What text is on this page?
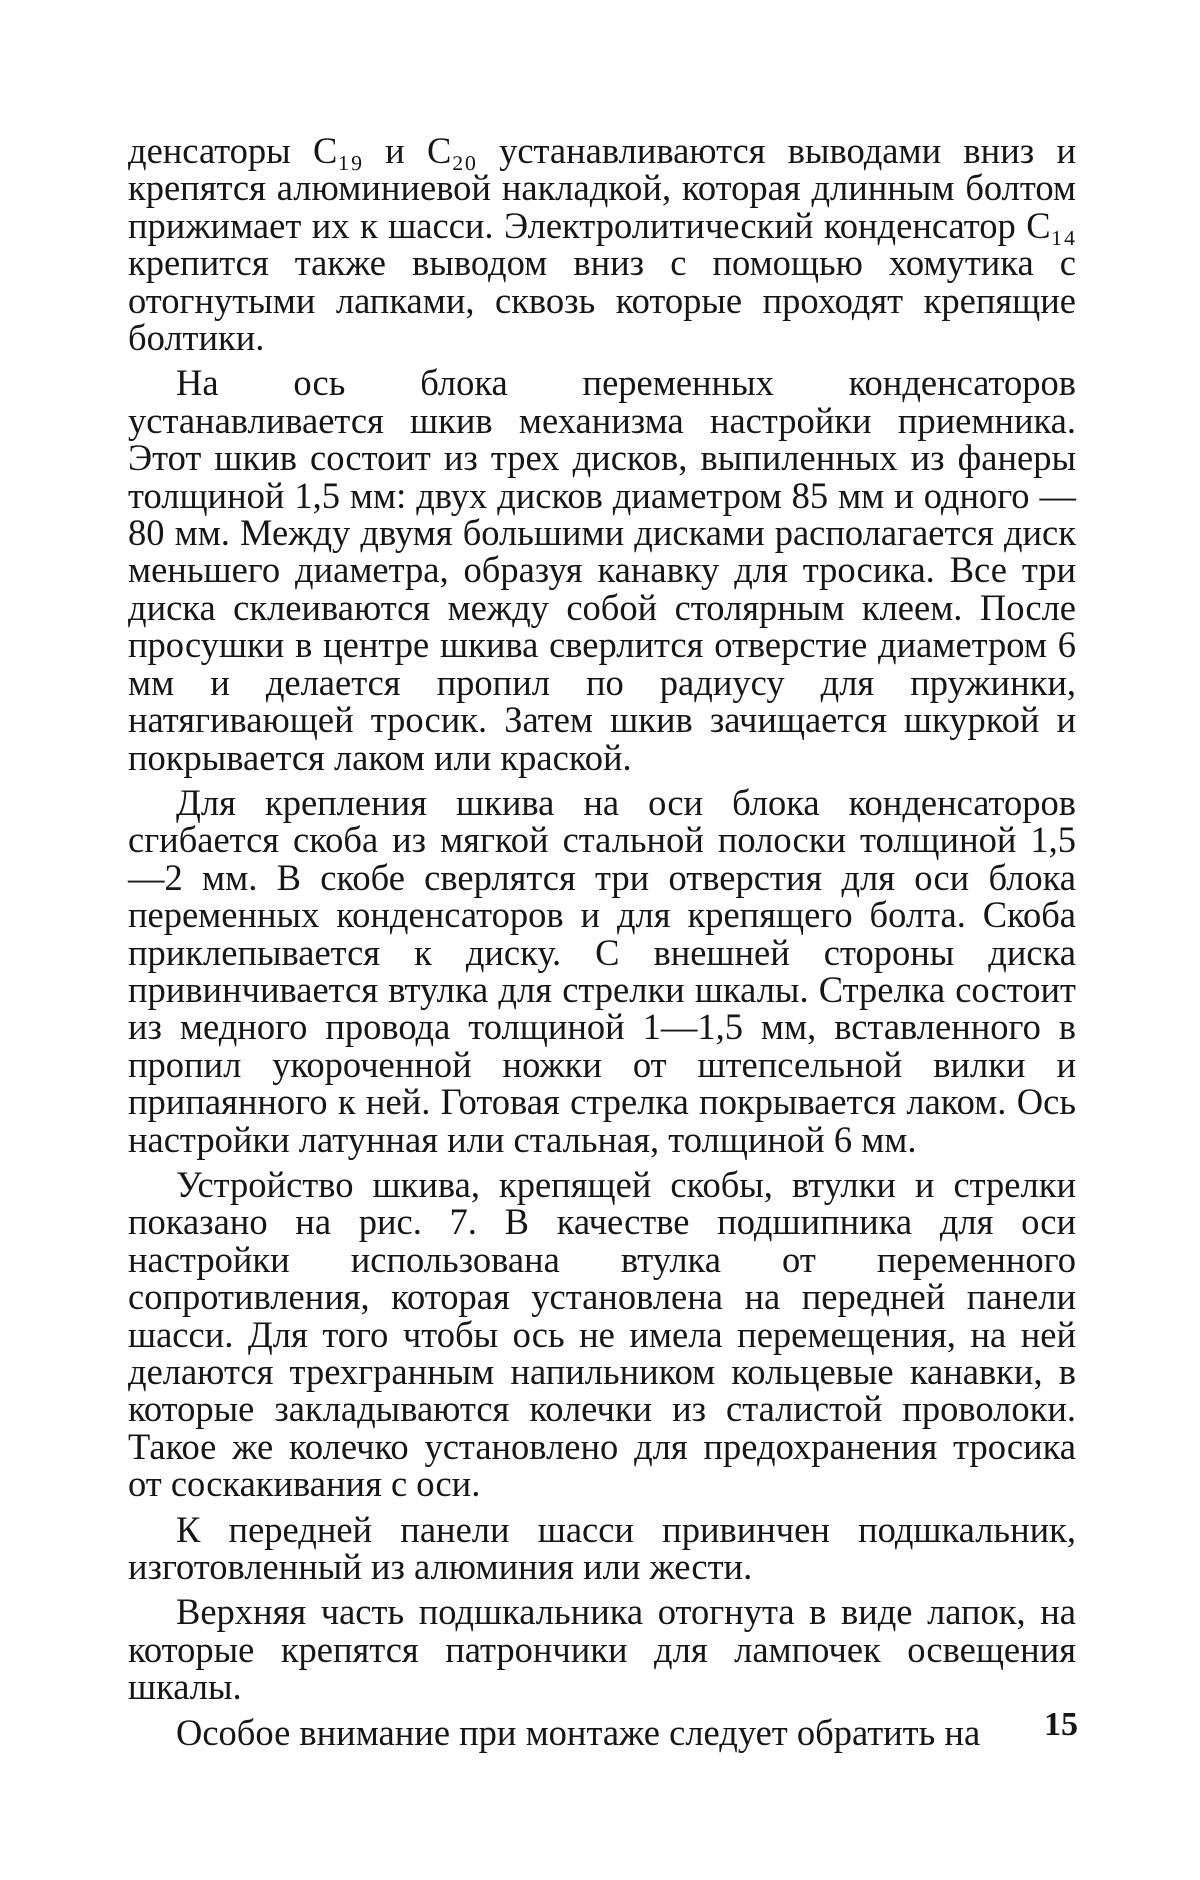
денсаторы C₁₉ и C₂₀ устанавливаются выводами вниз и крепятся алюминиевой накладкой, которая длинным болтом прижимает их к шасси. Электролитический конденсатор C₁₄ крепится также выводом вниз с помощью хомутика с отогнутыми лапками, сквозь которые проходят крепящие болтики.

На ось блока переменных конденсаторов устанавливается шкив механизма настройки приемника. Этот шкив состоит из трех дисков, выпиленных из фанеры толщиной 1,5 мм: двух дисков диаметром 85 мм и одного — 80 мм. Между двумя большими дисками располагается диск меньшего диаметра, образуя канавку для тросика. Все три диска склеиваются между собой столярным клеем. После просушки в центре шкива сверлится отверстие диаметром 6 мм и делается пропил по радиусу для пружинки, натягивающей тросик. Затем шкив зачищается шкуркой и покрывается лаком или краской.

Для крепления шкива на оси блока конденсаторов сгибается скоба из мягкой стальной полоски толщиной 1,5—2 мм. В скобе сверлятся три отверстия для оси блока переменных конденсаторов и для крепящего болта. Скоба приклепывается к диску. С внешней стороны диска привинчивается втулка для стрелки шкалы. Стрелка состоит из медного провода толщиной 1—1,5 мм, вставленного в пропил укороченной ножки от штепсельной вилки и припаянного к ней. Готовая стрелка покрывается лаком. Ось настройки латунная или стальная, толщиной 6 мм.

Устройство шкива, крепящей скобы, втулки и стрелки показано на рис. 7. В качестве подшипника для оси настройки использована втулка от переменного сопротивления, которая установлена на передней панели шасси. Для того чтобы ось не имела перемещения, на ней делаются трехгранным напильником кольцевые канавки, в которые закладываются колечки из сталистой проволоки. Такое же колечко установлено для предохранения тросика от соскакивания с оси.

К передней панели шасси привинчен подшкальник, изготовленный из алюминия или жести.

Верхняя часть подшкальника отогнута в виде лапок, на которые крепятся патрончики для лампочек освещения шкалы.

Особое внимание при монтаже следует обратить на	15
